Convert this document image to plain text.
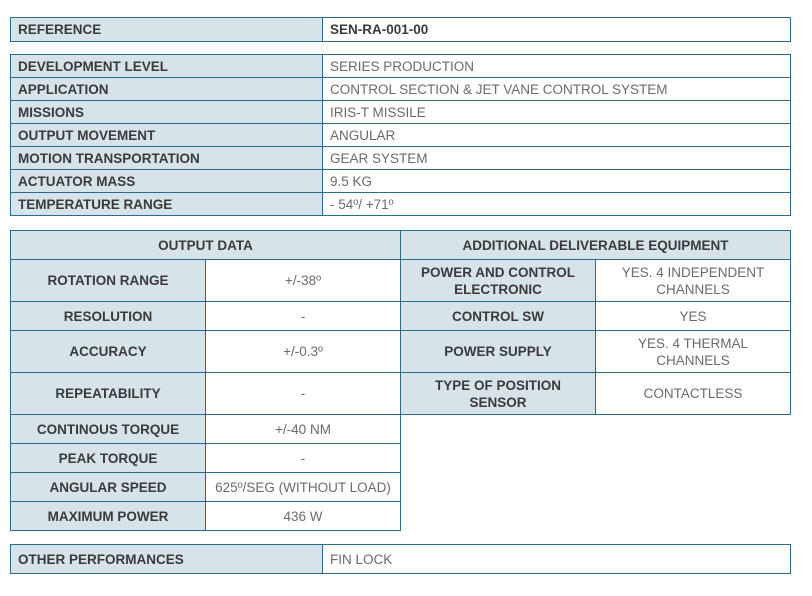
REFERENCE	SEN-RA-001-00
DEVELOPMENT LEVEL	SERIES PRODUCTION
APPLICATION	CONTROL SECTION & JET VANE CONTROL SYSTEM
MISSIONS	IRIS-T MISSILE
OUTPUT MOVEMENT	ANGULAR
MOTION TRANSPORTATION	GEAR SYSTEM
ACTUATOR MASS	9.5 KG
TEMPERATURE RANGE	- 54º/ +71º
OUTPUT DATA		ADDITIONAL DELIVERABLE EQUIPMENT	
ROTATION RANGE	+/-38º	POWER AND CONTROL ELECTRONIC	YES. 4 INDEPENDENT CHANNELS
RESOLUTION	-	CONTROL SW	YES
ACCURACY	+/-0.3º	POWER SUPPLY	YES. 4 THERMAL CHANNELS
REPEATABILITY	-	TYPE OF POSITION SENSOR	CONTACTLESS
CONTINOUS TORQUE	+/-40 NM		
PEAK TORQUE	-		
ANGULAR SPEED	625º/SEG (WITHOUT LOAD)		
MAXIMUM POWER	436 W		
OTHER PERFORMANCES	FIN LOCK
